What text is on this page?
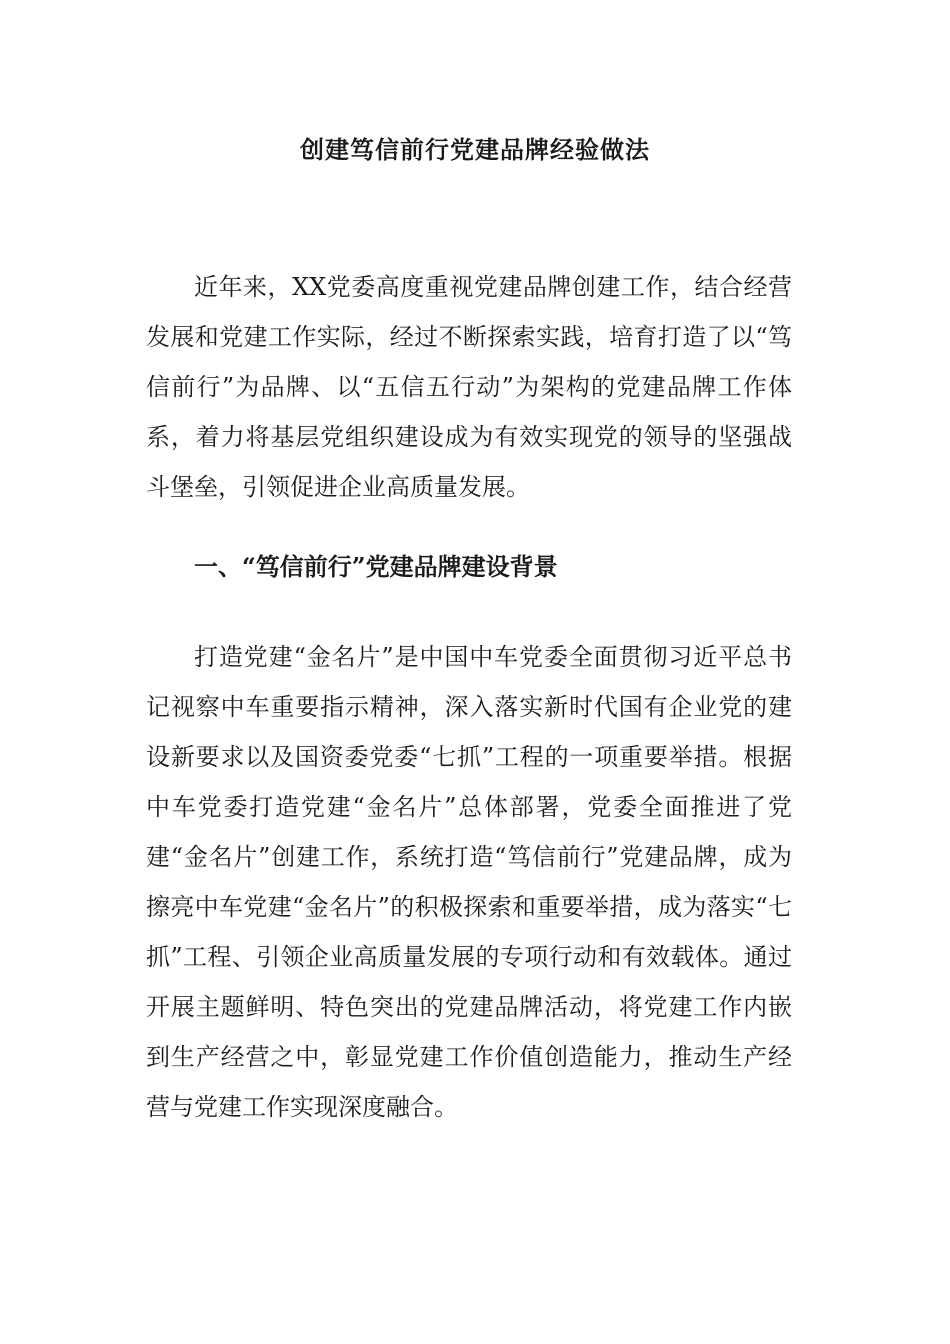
创建笃信前行党建品牌经验做法

近年来，XX党委高度重视党建品牌创建工作，结合经营发展和党建工作实际，经过不断探索实践，培育打造了以“笃信前行”为品牌、以“五信五行动”为架构的党建品牌工作体系，着力将基层党组织建设成为有效实现党的领导的坚强战斗堡垒，引领促进企业高质量发展。

一、“笃信前行”党建品牌建设背景

打造党建“金名片”是中国中车党委全面贯彻习近平总书记视察中车重要指示精神，深入落实新时代国有企业党的建设新要求以及国资委党委“七抓”工程的一项重要举措。根据中车党委打造党建“金名片”总体部署，党委全面推进了党建“金名片”创建工作，系统打造“笃信前行”党建品牌，成为擦亮中车党建“金名片”的积极探索和重要举措，成为落实“七抓”工程、引领企业高质量发展的专项行动和有效载体。通过开展主题鲜明、特色突出的党建品牌活动，将党建工作内嵌到生产经营之中，彰显党建工作价值创造能力，推动生产经营与党建工作实现深度融合。
